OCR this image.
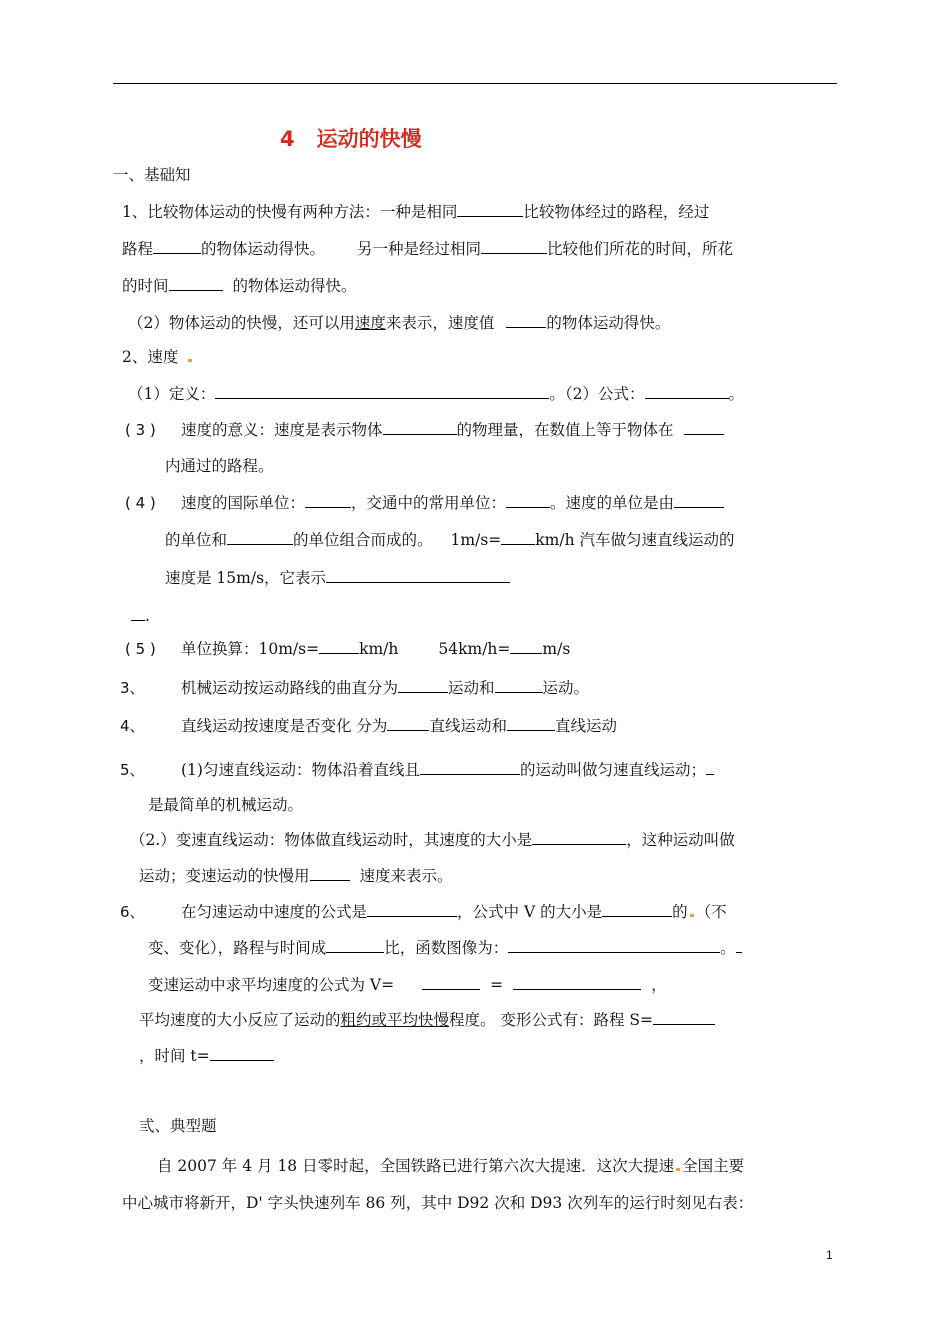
4 运动的快慢
一、基础知
1、比较物体运动的快慢有两种方法：一种是相同	比较物体经过的路程，经过
路程	的物体运动得快。 另一种是经过相同	比较他们所花的时间，所花
的时间	的物体运动得快。
（2）物体运动的快慢，还可以用速度来表示，速度值	的物体运动得快。
2、速度
（1）定义：	。（2）公式：	。
( 3 ) 速度的意义：速度是表示物体	的物理量，在数值上等于物体在
内通过的路程。
( 4 ) 速度的国际单位：	，交通中的常用单位：	。速度的单位是由
的单位和	的单位组合而成的。 1m/s= km/h 汽车做匀速直线运动的
速度是 15m/s，它表示
.
( 5 ) 单位换算：10m/s=	km/h	54km/h= m/s
3、 机械运动按运动路线的曲直分为	运动和	运动。
4、 直线运动按速度是否变化 分为	直线运动和	直线运动
5、 (1)匀速直线运动：物体沿着直线且	的运动叫做匀速直线运动；
是最简单的机械运动。
（2.）变速直线运动：物体做直线运动时，其速度的大小是	，这种运动叫做
运动；变速运动的快慢用	速度来表示。
6、 在匀速运动中速度的公式是	，公式中 V 的大小是	的 （不
变、变化），路程与时间成	比，函数图像为：	。
变速运动中求平均速度的公式为 V=	=	，
平均速度的大小反应了运动的粗约或平均快慢程度。 变形公式有：路程 S=
，时间 t=
弎、典型题
自 2007 年 4 月 18 日零时起，全国铁路已进行第六次大提速．这次大提速 全国主要
中心城市将新开，D' 字头快速列车 86 列，其中 D92 次和 D93 次列车的运行时刻见右表：
1
